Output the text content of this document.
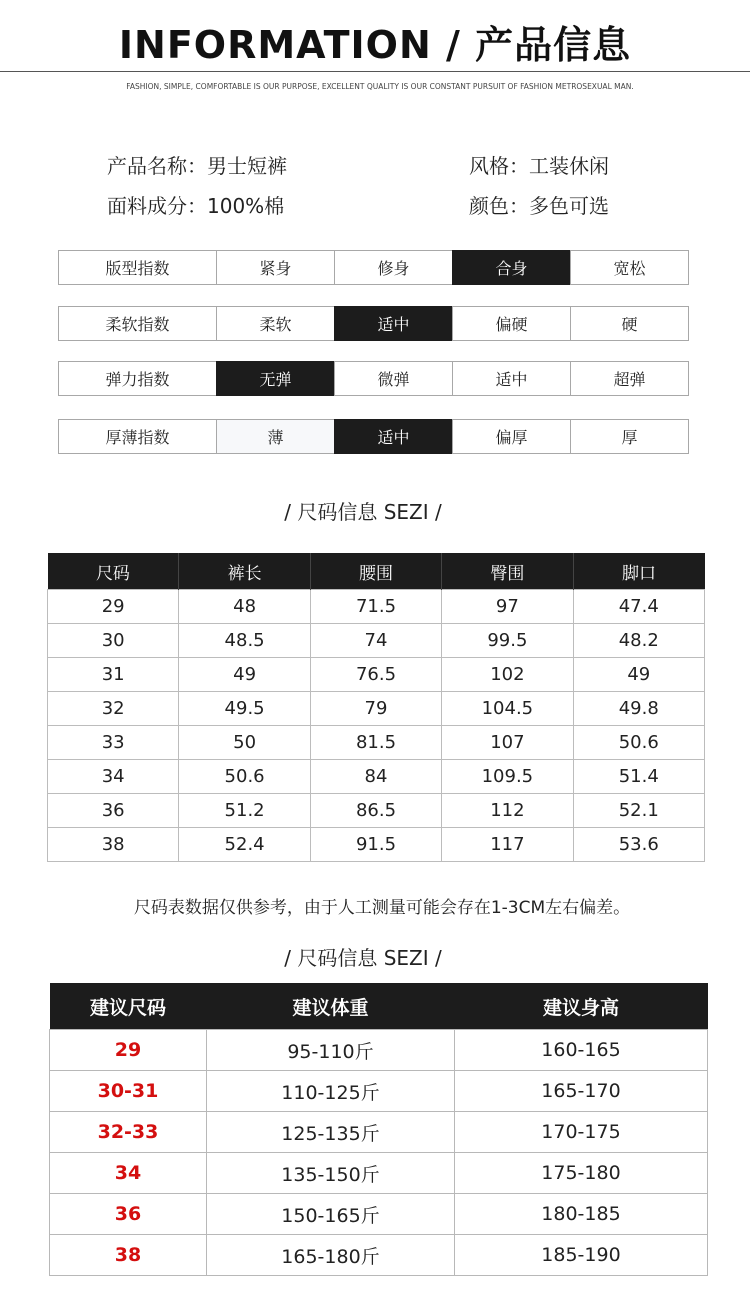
INFORMATION / 产品信息
FASHION, SIMPLE, COMFORTABLE IS OUR PURPOSE, EXCELLENT QUALITY IS OUR CONSTANT PURSUIT OF FASHION METROSEXUAL MAN.
产品名称：男士短裤	风格：工装休闲
面料成分：100%棉	颜色：多色可选
版型指数	紧身	修身	合身	宽松
柔软指数	柔软	适中	偏硬	硬
弹力指数	无弹	微弹	适中	超弹
厚薄指数	薄	适中	偏厚	厚
/ 尺码信息 SEZI /
尺码	裤长	腰围	臀围	脚口
29	48	71.5	97	47.4
30	48.5	74	99.5	48.2
31	49	76.5	102	49
32	49.5	79	104.5	49.8
33	50	81.5	107	50.6
34	50.6	84	109.5	51.4
36	51.2	86.5	112	52.1
38	52.4	91.5	117	53.6
尺码表数据仅供参考，由于人工测量可能会存在1-3CM左右偏差。
/ 尺码信息 SEZI /
建议尺码	建议体重	建议身高
29	95-110斤	160-165
30-31	110-125斤	165-170
32-33	125-135斤	170-175
34	135-150斤	175-180
36	150-165斤	180-185
38	165-180斤	185-190
